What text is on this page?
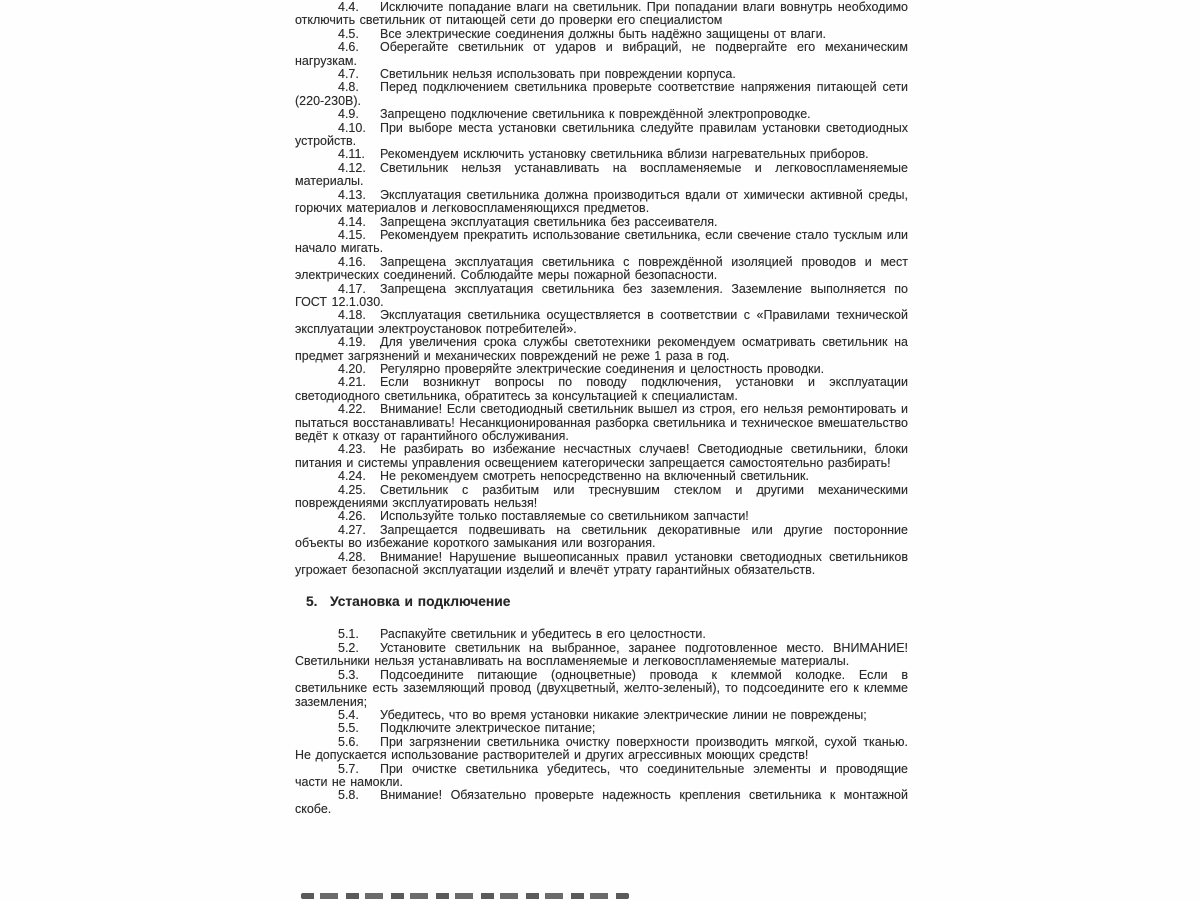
4.4. Исключите попадание влаги на светильник. При попадании влаги вовнутрь необходимо отключить светильник от питающей сети до проверки его специалистом

4.5. Все электрические соединения должны быть надёжно защищены от влаги.

4.6. Оберегайте светильник от ударов и вибраций, не подвергайте его механическим нагрузкам.

4.7. Светильник нельзя использовать при повреждении корпуса.

4.8. Перед подключением светильника проверьте соответствие напряжения питающей сети (220-230В).

4.9. Запрещено подключение светильника к повреждённой электропроводке.

4.10. При выборе места установки светильника следуйте правилам установки светодиодных устройств.

4.11. Рекомендуем исключить установку светильника вблизи нагревательных приборов.

4.12. Светильник нельзя устанавливать на воспламеняемые и легковоспламеняемые материалы.

4.13. Эксплуатация светильника должна производиться вдали от химически активной среды, горючих материалов и легковоспламеняющихся предметов.

4.14. Запрещена эксплуатация светильника без рассеивателя.

4.15. Рекомендуем прекратить использование светильника, если свечение стало тусклым или начало мигать.

4.16. Запрещена эксплуатация светильника с повреждённой изоляцией проводов и мест электрических соединений. Соблюдайте меры пожарной безопасности.

4.17. Запрещена эксплуатация светильника без заземления. Заземление выполняется по ГОСТ 12.1.030.

4.18. Эксплуатация светильника осуществляется в соответствии с «Правилами технической эксплуатации электроустановок потребителей».

4.19. Для увеличения срока службы светотехники рекомендуем осматривать светильник на предмет загрязнений и механических повреждений не реже 1 раза в год.

4.20. Регулярно проверяйте электрические соединения и целостность проводки.

4.21. Если возникнут вопросы по поводу подключения, установки и эксплуатации светодиодного светильника, обратитесь за консультацией к специалистам.

4.22. Внимание! Если светодиодный светильник вышел из строя, его нельзя ремонтировать и пытаться восстанавливать! Несанкционированная разборка светильника и техническое вмешательство ведёт к отказу от гарантийного обслуживания.

4.23. Не разбирать во избежание несчастных случаев! Светодиодные светильники, блоки питания и системы управления освещением категорически запрещается самостоятельно разбирать!

4.24. Не рекомендуем смотреть непосредственно на включенный светильник.

4.25. Светильник с разбитым или треснувшим стеклом и другими механическими повреждениями эксплуатировать нельзя!

4.26. Используйте только поставляемые со светильником запчасти!

4.27. Запрещается подвешивать на светильник декоративные или другие посторонние объекты во избежание короткого замыкания или возгорания.

4.28. Внимание! Нарушение вышеописанных правил установки светодиодных светильников угрожает безопасной эксплуатации изделий и влечёт утрату гарантийных обязательств.

5. Установка и подключение

5.1. Распакуйте светильник и убедитесь в его целостности.

5.2. Установите светильник на выбранное, заранее подготовленное место. ВНИМАНИЕ! Светильники нельзя устанавливать на воспламеняемые и легковоспламеняемые материалы.

5.3. Подсоедините питающие (одноцветные) провода к клеммой колодке. Если в светильнике есть заземляющий провод (двухцветный, желто-зеленый), то подсоедините его к клемме заземления;

5.4. Убедитесь, что во время установки никакие электрические линии не повреждены;

5.5. Подключите электрическое питание;

5.6. При загрязнении светильника очистку поверхности производить мягкой, сухой тканью. Не допускается использование растворителей и других агрессивных моющих средств!

5.7. При очистке светильника убедитесь, что соединительные элементы и проводящие части не намокли.

5.8. Внимание! Обязательно проверьте надежность крепления светильника к монтажной скобе.
